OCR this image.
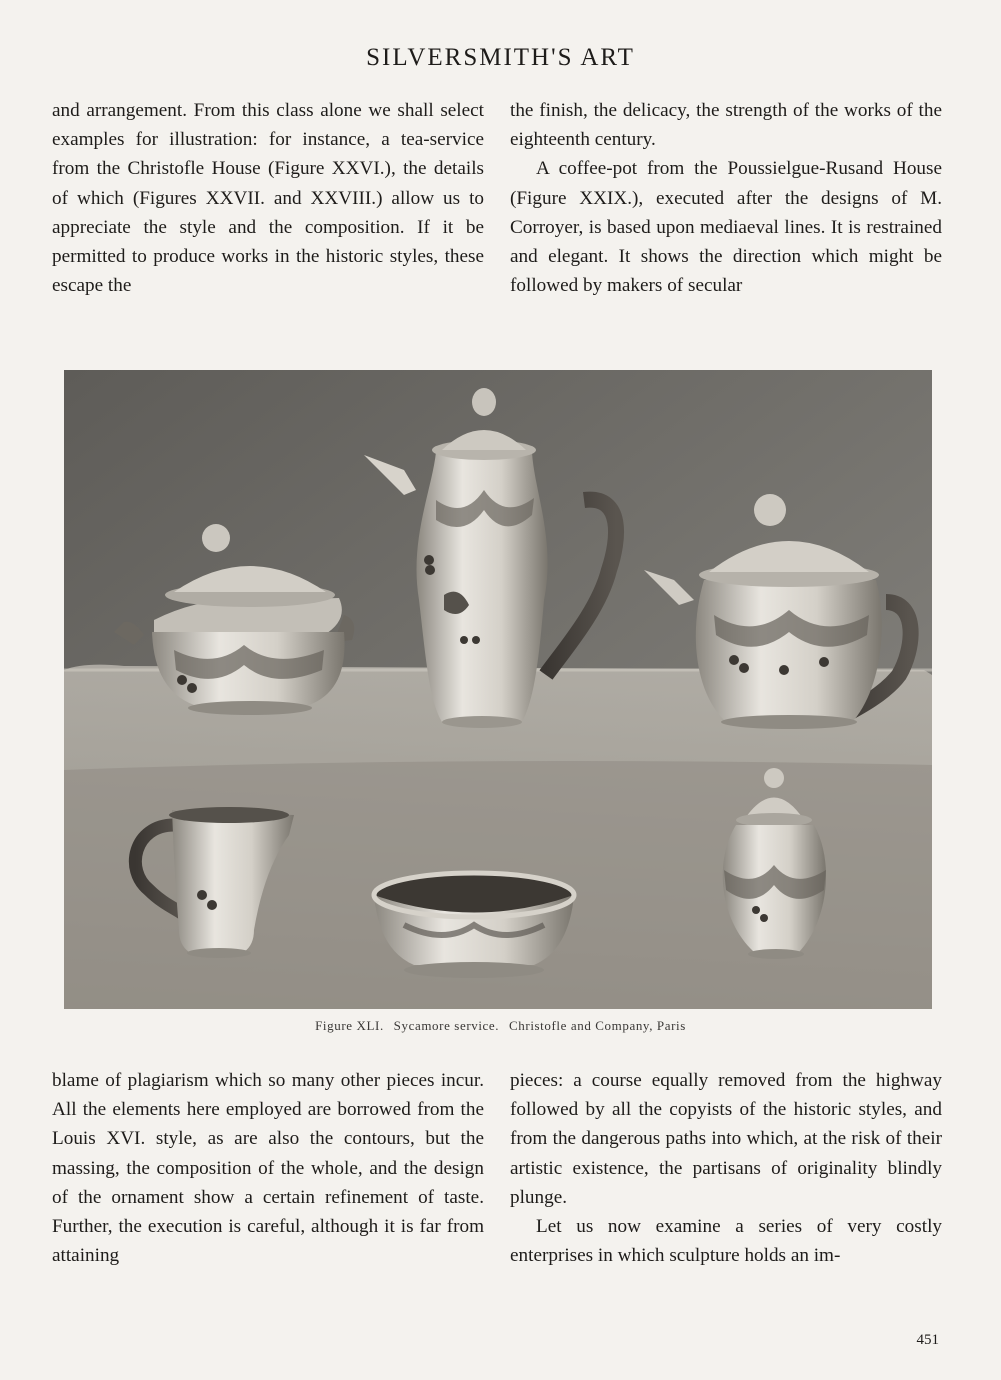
SILVERSMITH'S ART

and arrangement. From this class alone we shall select examples for illustration: for instance, a tea-service from the Christofle House (Figure XXVI.), the details of which (Figures XXVII. and XXVIII.) allow us to appreciate the style and the composition. If it be permitted to produce works in the historic styles, these escape the

the finish, the delicacy, the strength of the works of the eighteenth century.

A coffee-pot from the Poussielgue-Rusand House (Figure XXIX.), executed after the designs of M. Corroyer, is based upon mediaeval lines. It is restrained and elegant. It shows the direction which might be followed by makers of secular

Figure XLI. Sycamore service. Christofle and Company, Paris

blame of plagiarism which so many other pieces incur. All the elements here employed are borrowed from the Louis XVI. style, as are also the contours, but the massing, the composition of the whole, and the design of the ornament show a certain refinement of taste. Further, the execution is careful, although it is far from attaining

pieces: a course equally removed from the highway followed by all the copyists of the historic styles, and from the dangerous paths into which, at the risk of their artistic existence, the partisans of originality blindly plunge.

Let us now examine a series of very costly enterprises in which sculpture holds an im-

451
